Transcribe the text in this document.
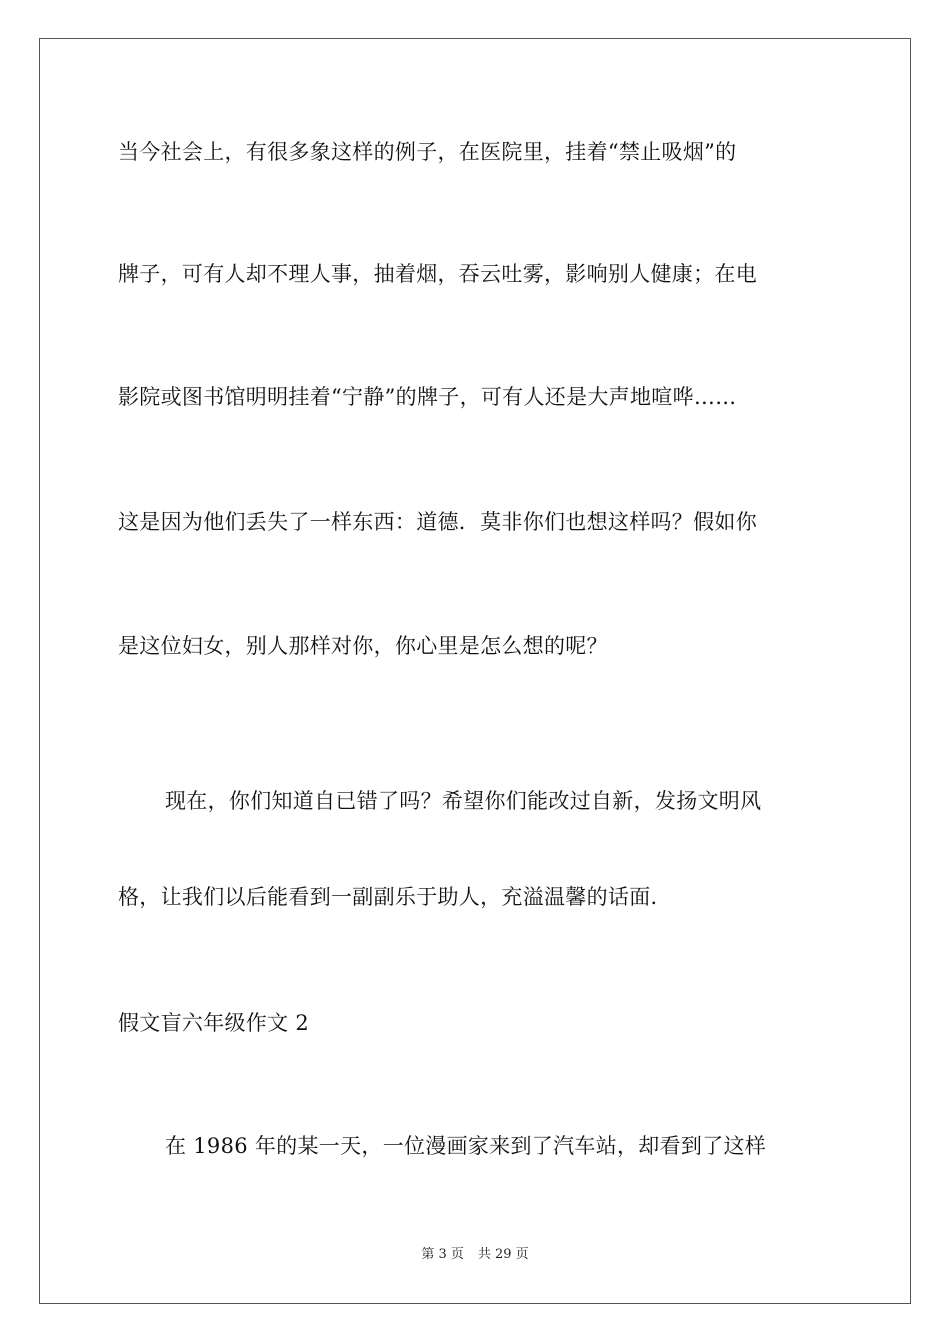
当今社会上，有很多象这样的例子，在医院里，挂着“禁止吸烟”的
牌子，可有人却不理人事，抽着烟，吞云吐雾，影响别人健康；在电
影院或图书馆明明挂着“宁静”的牌子，可有人还是大声地喧哗……
这是因为他们丢失了一样东西：道德．莫非你们也想这样吗？假如你
是这位妇女，别人那样对你，你心里是怎么想的呢？
现在，你们知道自已错了吗？希望你们能改过自新，发扬文明风
格，让我们以后能看到一副副乐于助人，充溢温馨的话面．
假文盲六年级作文 2
在 1986 年的某一天，一位漫画家来到了汽车站，却看到了这样
第 3 页 共 29 页
